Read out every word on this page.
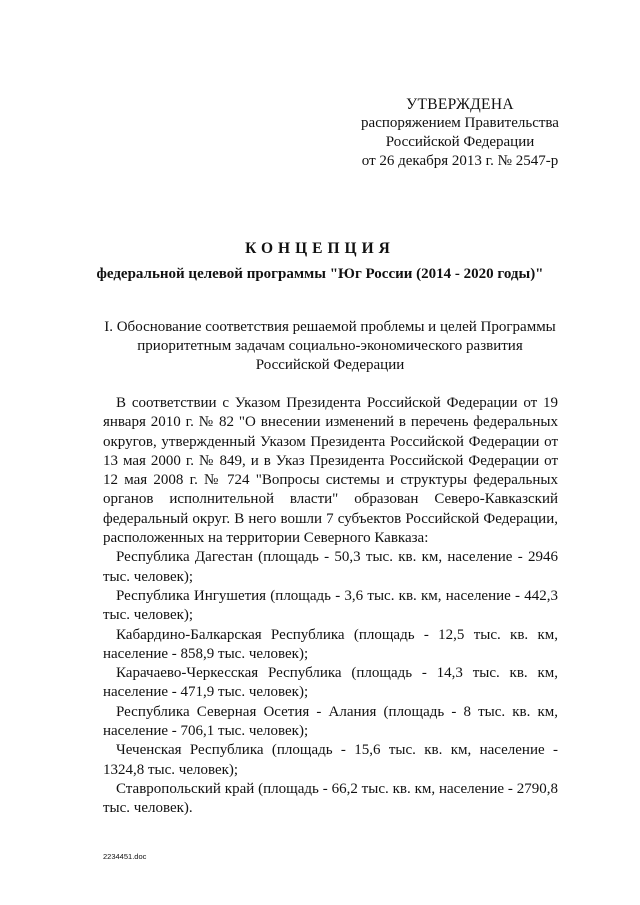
УТВЕРЖДЕНА
распоряжением Правительства
Российской Федерации
от 26 декабря 2013 г. № 2547-р
КОНЦЕПЦИЯ
федеральной целевой программы "Юг России (2014 - 2020 годы)"
I. Обоснование соответствия решаемой проблемы и целей Программы приоритетным задачам социально-экономического развития Российской Федерации

В соответствии с Указом Президента Российской Федерации от 19 января 2010 г. № 82 "О внесении изменений в перечень федеральных округов, утвержденный Указом Президента Российской Федерации от 13 мая 2000 г. № 849, и в Указ Президента Российской Федерации от 12 мая 2008 г. № 724 "Вопросы системы и структуры федеральных органов исполнительной власти" образован Северо-Кавказский федеральный округ. В него вошли 7 субъектов Российской Федерации, расположенных на территории Северного Кавказа:

Республика Дагестан (площадь - 50,3 тыс. кв. км, население - 2946 тыс. человек);

Республика Ингушетия (площадь - 3,6 тыс. кв. км, население - 442,3 тыс. человек);

Кабардино-Балкарская Республика (площадь - 12,5 тыс. кв. км, население - 858,9 тыс. человек);

Карачаево-Черкесская Республика (площадь - 14,3 тыс. кв. км, население - 471,9 тыс. человек);

Республика Северная Осетия - Алания (площадь - 8 тыс. кв. км, население - 706,1 тыс. человек);

Чеченская Республика (площадь - 15,6 тыс. кв. км, население - 1324,8 тыс. человек);

Ставропольский край (площадь - 66,2 тыс. кв. км, население - 2790,8 тыс. человек).

2234451.doc
